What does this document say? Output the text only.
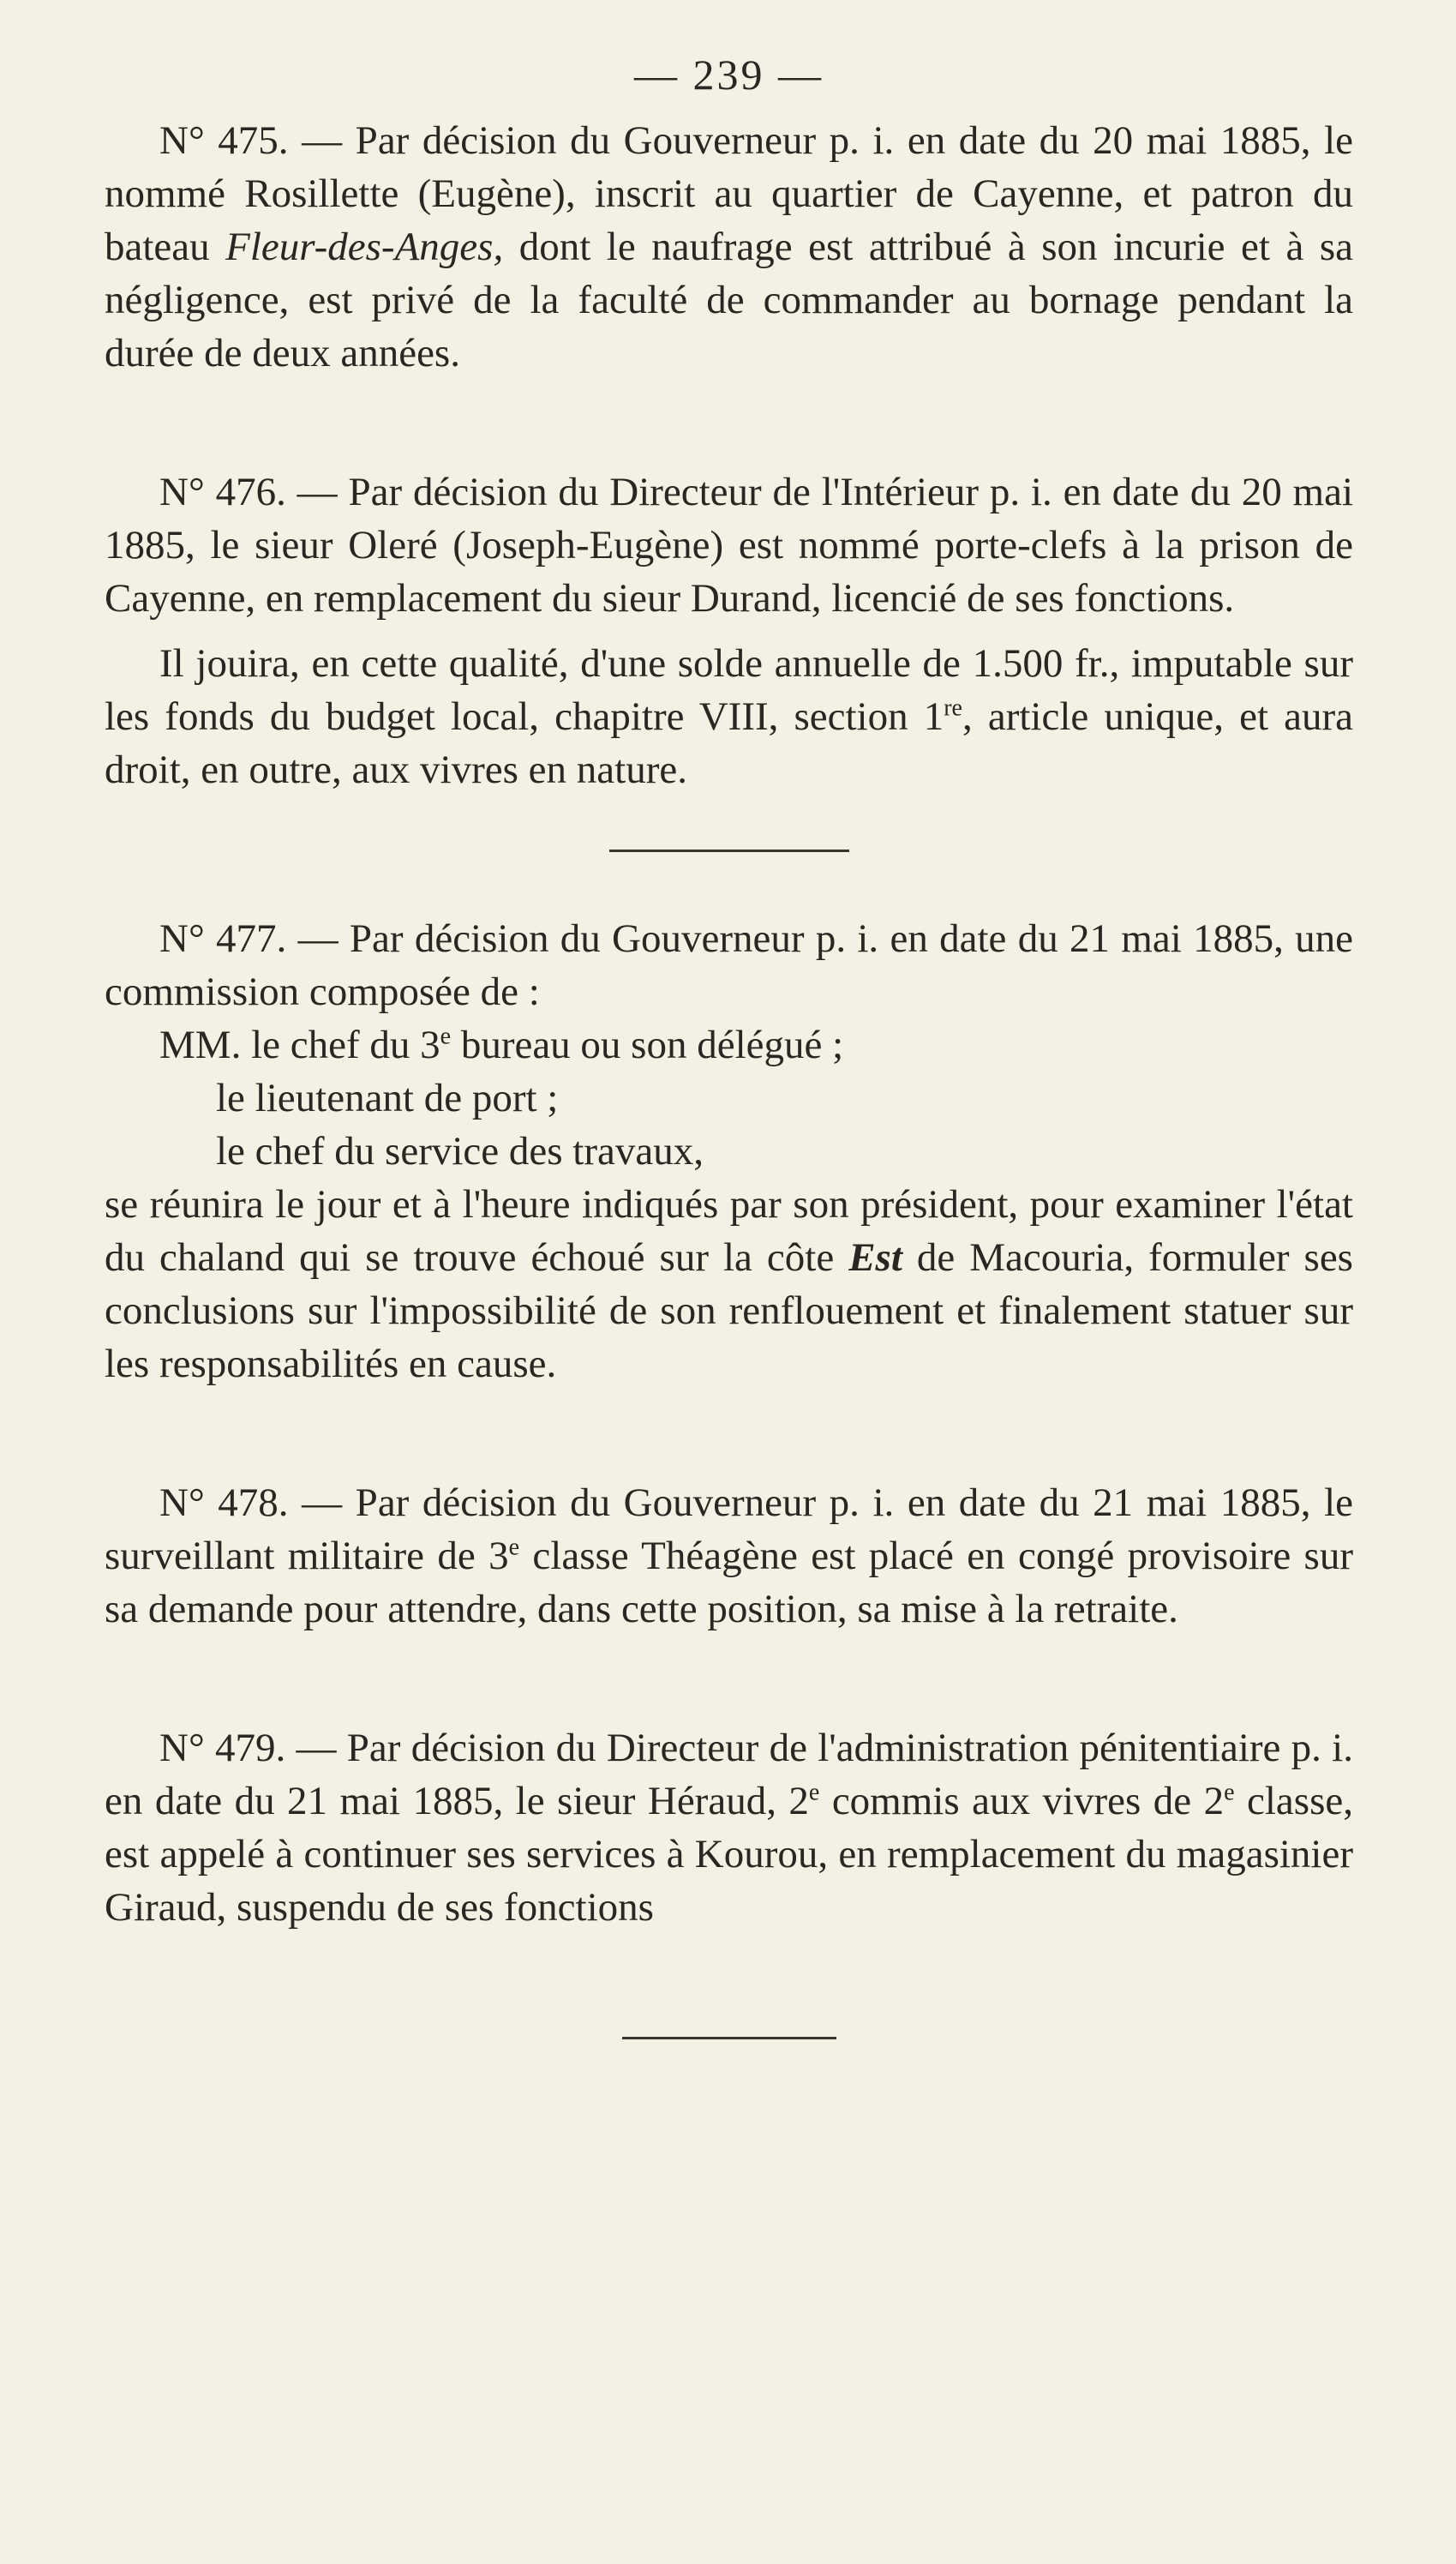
— 239 —

N° 475. — Par décision du Gouverneur p. i. en date du 20 mai 1885, le nommé Rosillette (Eugène), inscrit au quartier de Cayenne, et patron du bateau Fleur-des-Anges, dont le naufrage est attribué à son incurie et à sa négligence, est privé de la faculté de commander au bornage pendant la durée de deux années.

N° 476. — Par décision du Directeur de l'Intérieur p. i. en date du 20 mai 1885, le sieur Oleré (Joseph-Eugène) est nommé porte-clefs à la prison de Cayenne, en remplacement du sieur Durand, licencié de ses fonctions.

Il jouira, en cette qualité, d'une solde annuelle de 1.500 fr., imputable sur les fonds du budget local, chapitre VIII, section 1re, article unique, et aura droit, en outre, aux vivres en nature.

N° 477. — Par décision du Gouverneur p. i. en date du 21 mai 1885, une commission composée de :

MM. le chef du 3e bureau ou son délégué ;

le lieutenant de port ;

le chef du service des travaux,

se réunira le jour et à l'heure indiqués par son président, pour examiner l'état du chaland qui se trouve échoué sur la côte Est de Macouria, formuler ses conclusions sur l'impossibilité de son renflouement et finalement statuer sur les responsabilités en cause.

N° 478. — Par décision du Gouverneur p. i. en date du 21 mai 1885, le surveillant militaire de 3e classe Théagène est placé en congé provisoire sur sa demande pour attendre, dans cette position, sa mise à la retraite.

N° 479. — Par décision du Directeur de l'administration pénitentiaire p. i. en date du 21 mai 1885, le sieur Héraud, 2e commis aux vivres de 2e classe, est appelé à continuer ses services à Kourou, en remplacement du magasinier Giraud, suspendu de ses fonctions
